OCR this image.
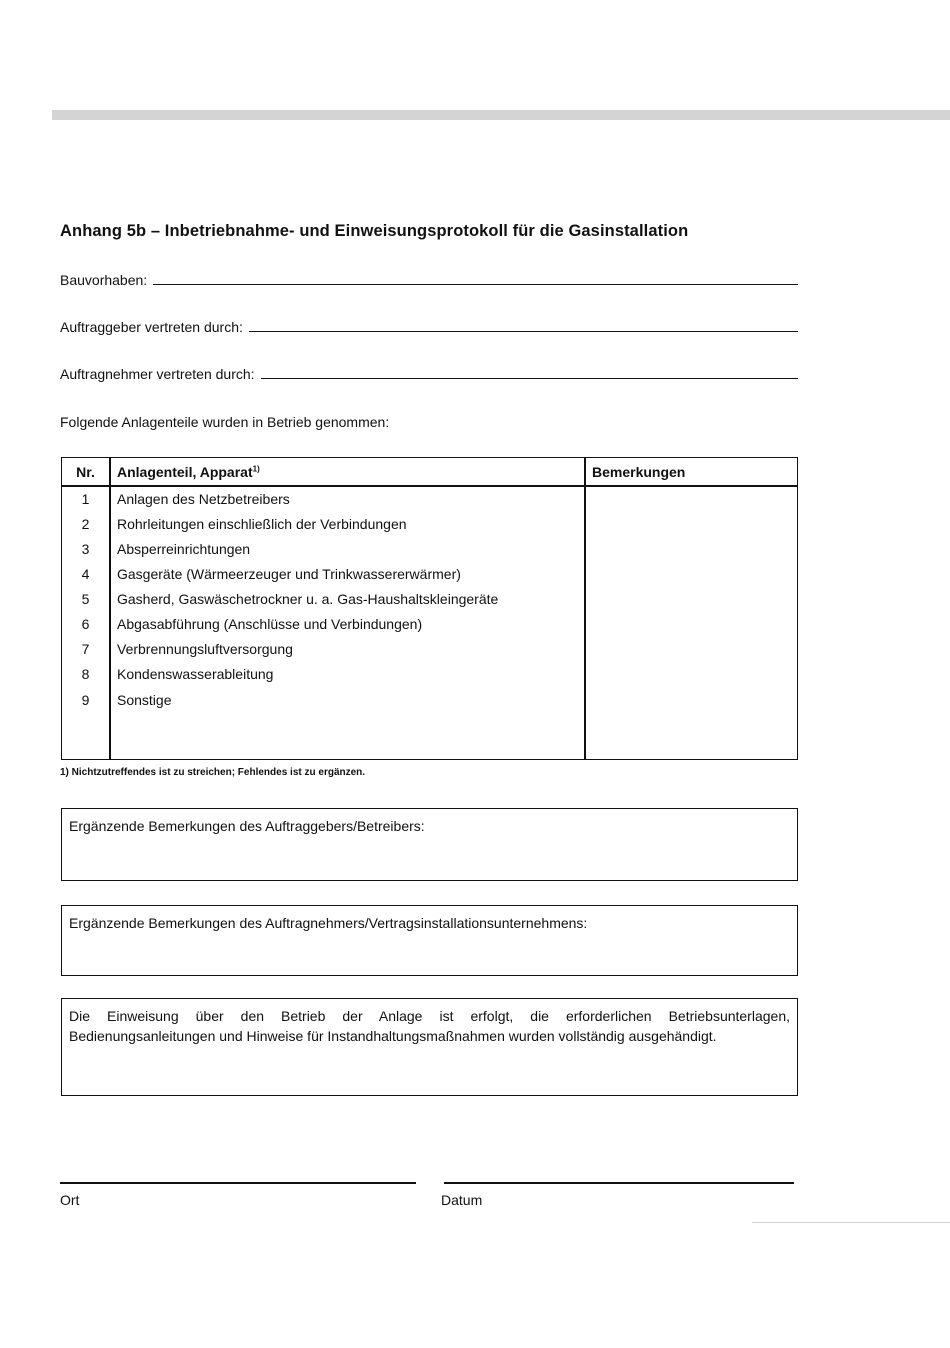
Anhang 5b – Inbetriebnahme- und Einweisungsprotokoll für die Gasinstallation
Bauvorhaben:
Auftraggeber vertreten durch:
Auftragnehmer vertreten durch:
Folgende Anlagenteile wurden in Betrieb genommen:
Nr.	Anlagenteil, Apparat$^{1)}$	Bemerkungen
1	Anlagen des Netzbetreibers
2	Rohrleitungen einschließlich der Verbindungen
3	Absperreinrichtungen
4	Gasgeräte (Wärmeerzeuger und Trinkwassererwärmer)
5	Gasherd, Gaswäschetrockner u. a. Gas-Haushaltskleingeräte
6	Abgasabführung (Anschlüsse und Verbindungen)
7	Verbrennungsluftversorgung
8	Kondenswasserableitung
9	Sonstige
1) Nichtzutreffendes ist zu streichen; Fehlendes ist zu ergänzen.
Ergänzende Bemerkungen des Auftraggebers/Betreibers:
Ergänzende Bemerkungen des Auftragnehmers/Vertragsinstallationsunternehmens:
Die Einweisung über den Betrieb der Anlage ist erfolgt, die erforderlichen Betriebsunterlagen, Bedienungsanleitungen und Hinweise für Instandhaltungsmaßnahmen wurden vollständig ausgehändigt.
Ort	Datum
